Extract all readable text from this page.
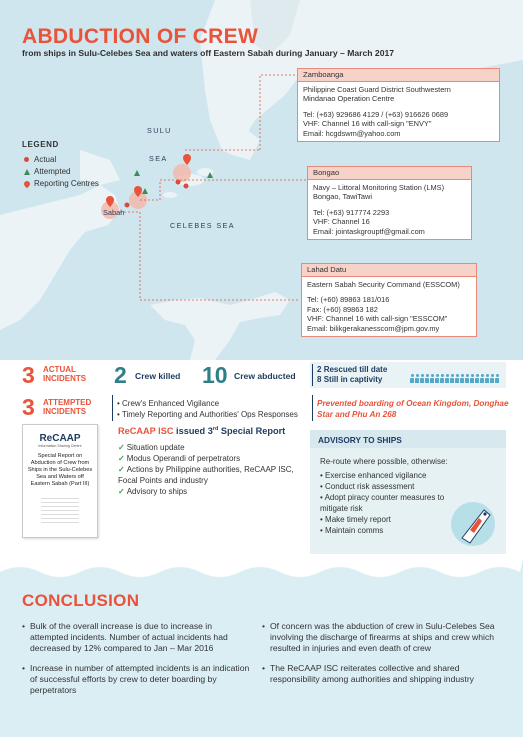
ABDUCTION OF CREW
from ships in Sulu-Celebes Sea and waters off Eastern Sabah during January – March 2017
LEGEND
Actual
Attempted
Reporting Centres
SULU
SEA
Sabah
CELEBES SEA
Zamboanga
Philippine Coast Guard District Southwestern
Mindanao Operation Centre
Tel: (+63) 929686 4129 / (+63) 916626 0689
VHF: Channel 16 with call-sign "ENVY"
Email: hcgdswm@yahoo.com
Bongao
Navy – Littoral Monitoring Station (LMS)
Bongao, TawiTawi
Tel: (+63) 917774 2293
VHF: Channel 16
Email: jointaskgrouptf@gmail.com
Lahad Datu
Eastern Sabah Security Command (ESSCOM)
Tel: (+60) 89863 181/016
Fax: (+60) 89863 182
VHF: Channel 16 with call-sign "ESSCOM"
Email: bilikgerakanesscom@jpm.gov.my
3 ACTUAL
INCIDENTS 2 Crew killed 10 Crew abducted
2 Rescued till date
8 Still in captivity
3 ATTEMPTED
INCIDENTS
• Crew's Enhanced Vigilance
• Timely Reporting and Authorities' Ops Responses
Prevented boarding of Ocean Kingdom, Donghae Star and Phu An 268
ReCAAP
Information Sharing Centre
Special Report on Abduction of Crew from Ships in the Sulu-Celebes Sea and Waters off Eastern Sabah (Part III)
ReCAAP ISC issued 3rd Special Report
✓ Situation update
✓ Modus Operandi of perpetrators
✓ Actions by Philippine authorities, ReCAAP ISC, Focal Points and industry
✓ Advisory to ships
ADVISORY TO SHIPS
Re-route where possible, otherwise:
• Exercise enhanced vigilance
• Conduct risk assessment
• Adopt piracy counter measures to mitigate risk
• Make timely report
• Maintain comms
CONCLUSION
• Bulk of the overall increase is due to increase in attempted incidents. Number of actual incidents had decreased by 12% compared to Jan – Mar 2016
• Increase in number of attempted incidents is an indication of successful efforts by crew to deter boarding by perpetrators
• Of concern was the abduction of crew in Sulu-Celebes Sea involving the discharge of firearms at ships and crew which resulted in injuries and even death of crew
• The ReCAAP ISC reiterates collective and shared responsibility among authorities and shipping industry
